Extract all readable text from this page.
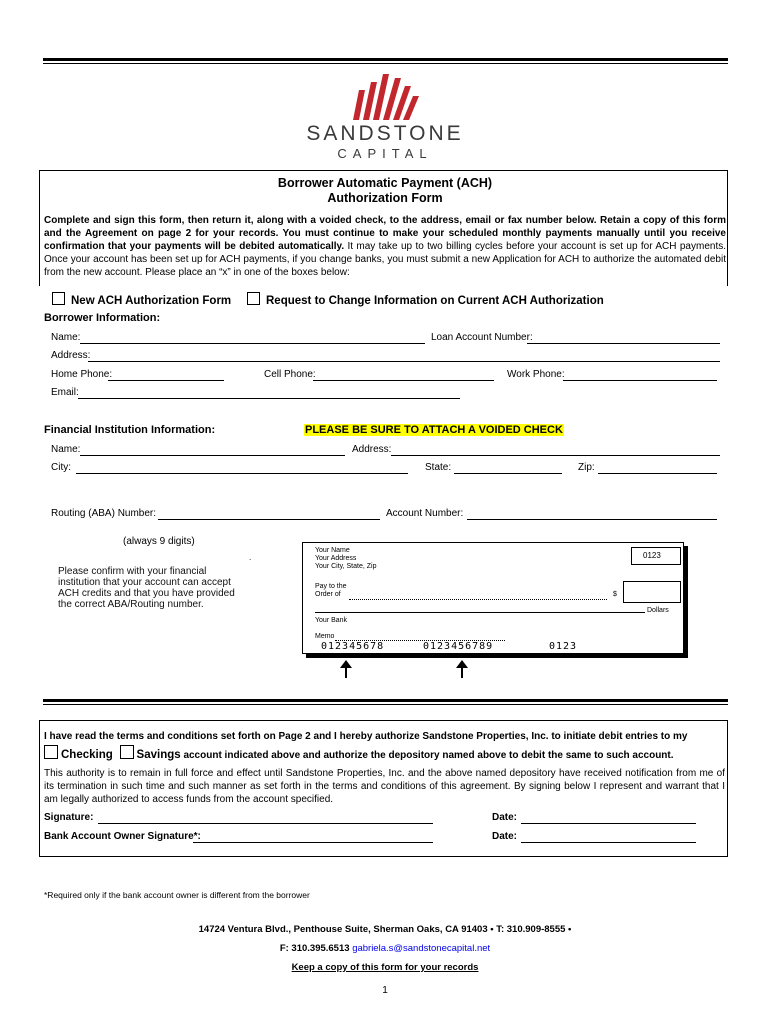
SANDSTONE
CAPITAL
Borrower Automatic Payment (ACH)
Authorization Form
Complete and sign this form, then return it, along with a voided check, to the address, email or fax number below. Retain a copy of this form and the Agreement on page 2 for your records. You must continue to make your scheduled monthly payments manually until you receive confirmation that your payments will be debited automatically. It may take up to two billing cycles before your account is set up for ACH payments. Once your account has been set up for ACH payments, if you change banks, you must submit a new Application for ACH to authorize the automated debit from the new account. Please place an “x” in one of the boxes below:
New ACH Authorization Form	Request to Change Information on Current ACH Authorization
Borrower Information:
Name:	Loan Account Number:
Address:
Home Phone:	Cell Phone:	Work Phone:
Email:
Financial Institution Information:	PLEASE BE SURE TO ATTACH A VOIDED CHECK
Name:	Address:
City:	State:	Zip:
Routing (ABA) Number:	Account Number:
(always 9 digits)
Please confirm with your financial institution that your account can accept ACH credits and that you have provided the correct ABA/Routing number.
Your Name
Your Address
Your City, State, Zip
0123
Pay to the
Order of	$
Dollars
Your Bank
Memo
012345678	0123456789	0123
.
I have read the terms and conditions set forth on Page 2 and I hereby authorize Sandstone Properties, Inc. to initiate debit entries to my
Checking Savings account indicated above and authorize the depository named above to debit the same to such account.
This authority is to remain in full force and effect until Sandstone Properties, Inc. and the above named depository have received notification from me of its termination in such time and such manner as set forth in the terms and conditions of this agreement. By signing below I represent and warrant that I am legally authorized to access funds from the account specified.
Signature:	Date:
Bank Account Owner Signature*:	Date:
*Required only if the bank account owner is different from the borrower
14724 Ventura Blvd., Penthouse Suite, Sherman Oaks, CA 91403 • T: 310.909-8555 •
F: 310.395.6513 gabriela.s@sandstonecapital.net
Keep a copy of this form for your records
1
